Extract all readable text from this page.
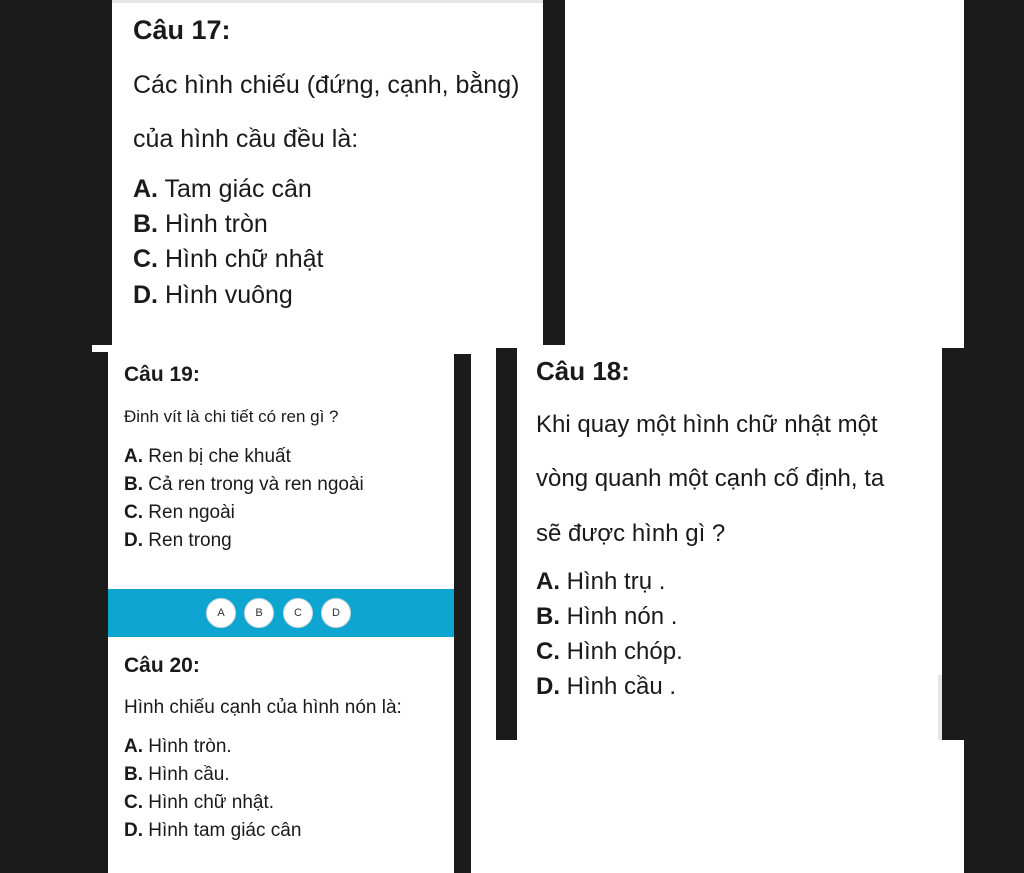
Câu 17:
Các hình chiếu (đứng, cạnh, bằng)
của hình cầu đều là:
A. Tam giác cân
B. Hình tròn
C. Hình chữ nhật
D. Hình vuông
Câu 19:
Đinh vít là chi tiết có ren gì ?
A. Ren bị che khuất
B. Cả ren trong và ren ngoài
C. Ren ngoài
D. Ren trong
A	B	C	D
Câu 20:
Hình chiếu cạnh của hình nón là:
A. Hình tròn.
B. Hình cầu.
C. Hình chữ nhật.
D. Hình tam giác cân
Câu 18:
Khi quay một hình chữ nhật một
vòng quanh một cạnh cố định, ta
sẽ được hình gì ?
A. Hình trụ .
B. Hình nón .
C. Hình chóp.
D. Hình cầu .
